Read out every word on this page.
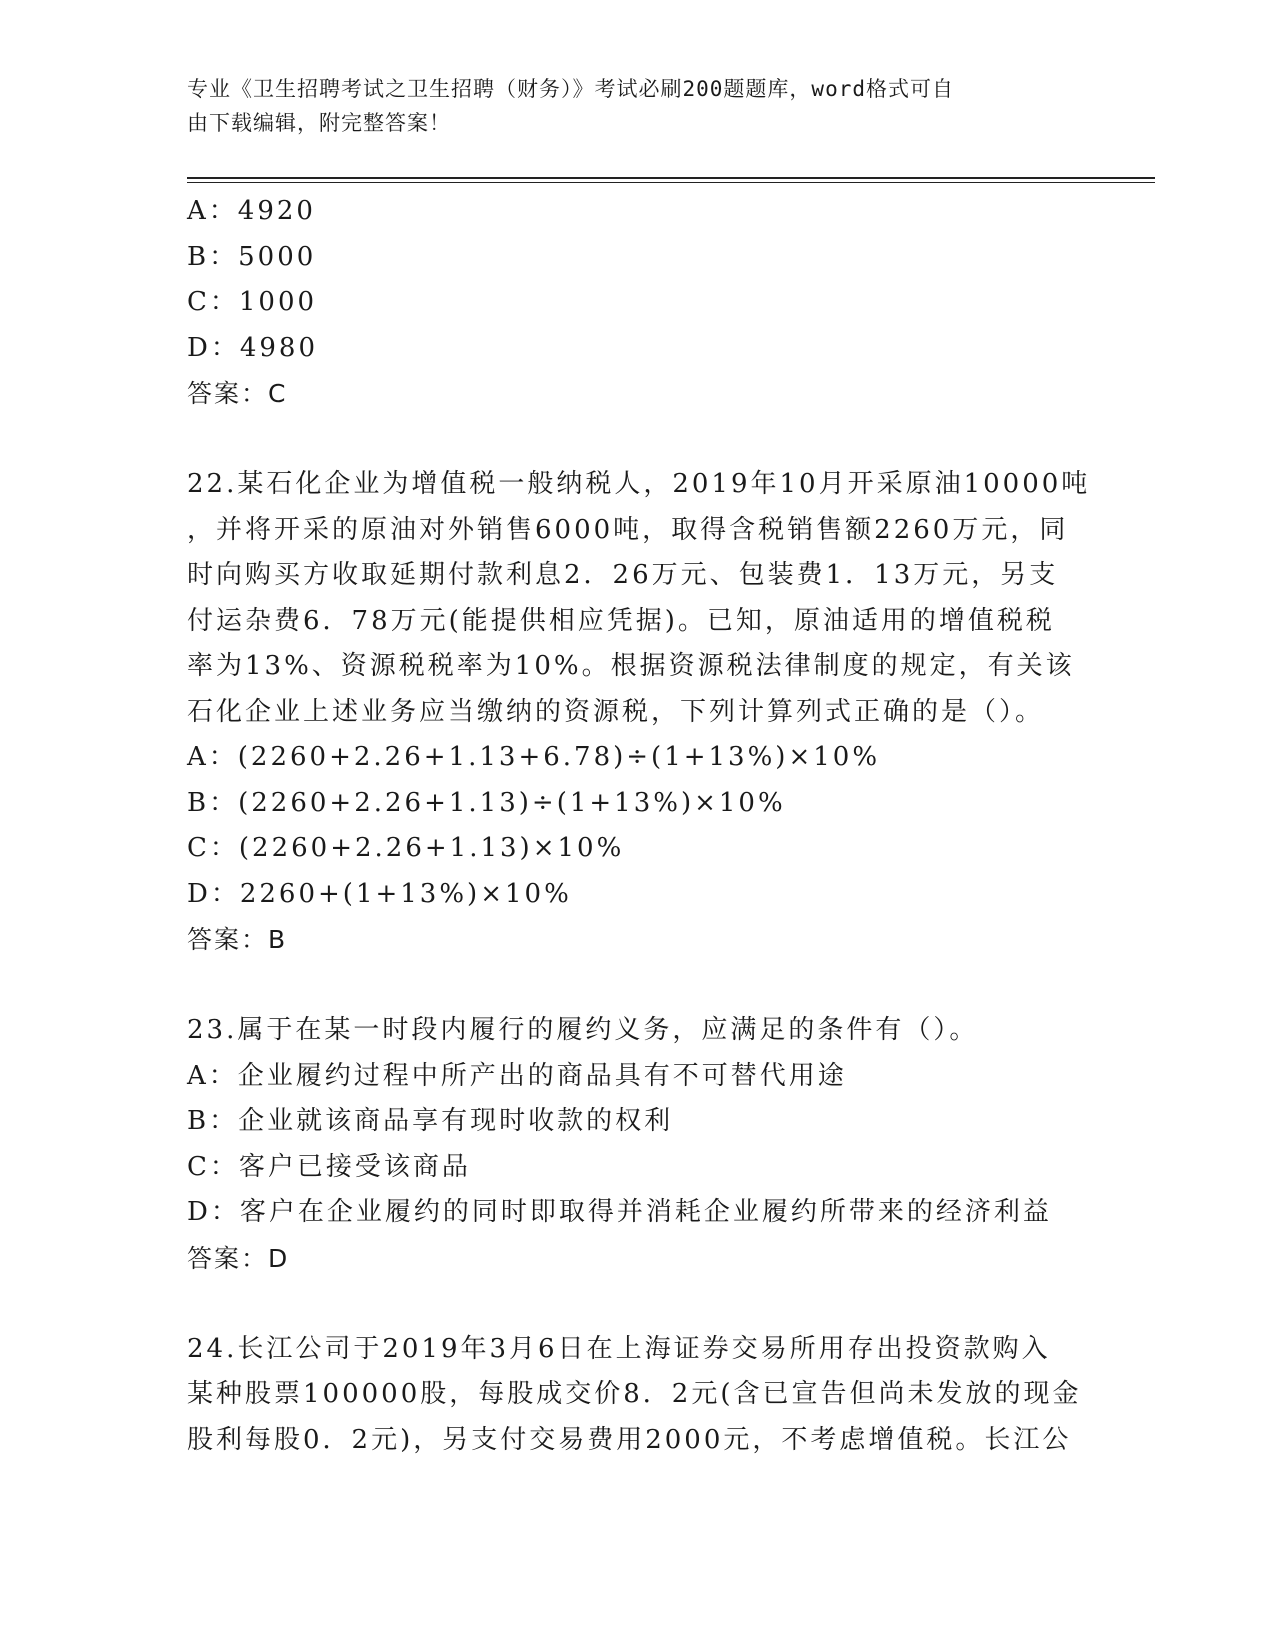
专业《卫生招聘考试之卫生招聘（财务）》考试必刷200题题库，word格式可自
由下载编辑，附完整答案！
A：4920
B：5000
C：1000
D：4980
答案：C
22.某石化企业为增值税一般纳税人，2019年10月开采原油10000吨
，并将开采的原油对外销售6000吨，取得含税销售额2260万元，同
时向购买方收取延期付款利息2．26万元、包装费1．13万元，另支
付运杂费6．78万元(能提供相应凭据)。已知，原油适用的增值税税
率为13%、资源税税率为10%。根据资源税法律制度的规定，有关该
石化企业上述业务应当缴纳的资源税，下列计算列式正确的是（）。
A：(2260+2.26+1.13+6.78)÷(1+13%)×10%
B：(2260+2.26+1.13)÷(1+13%)×10%
C：(2260+2.26+1.13)×10%
D：2260+(1+13%)×10%
答案：B
23.属于在某一时段内履行的履约义务，应满足的条件有（）。
A：企业履约过程中所产出的商品具有不可替代用途
B：企业就该商品享有现时收款的权利
C：客户已接受该商品
D：客户在企业履约的同时即取得并消耗企业履约所带来的经济利益
答案：D
24.长江公司于2019年3月6日在上海证券交易所用存出投资款购入
某种股票100000股，每股成交价8．2元(含已宣告但尚未发放的现金
股利每股0．2元)，另支付交易费用2000元，不考虑增值税。长江公
